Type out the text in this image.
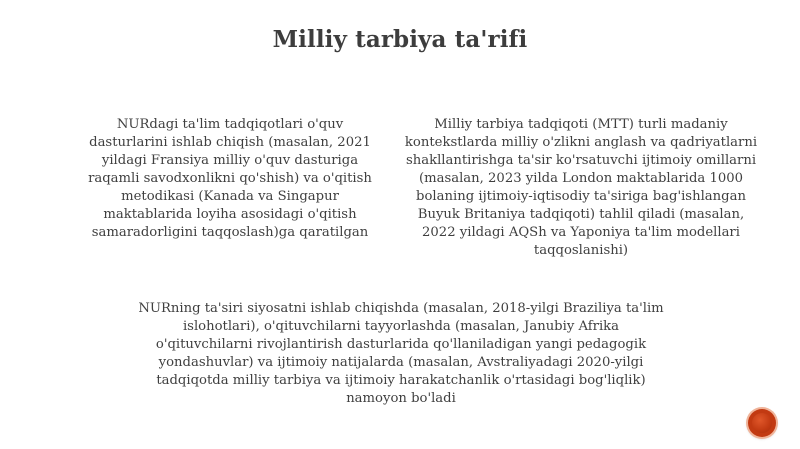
Milliy tarbiya ta'rifi
NURdagi ta'lim tadqiqotlari o'quv dasturlarini ishlab chiqish (masalan, 2021 yildagi Fransiya milliy o'quv dasturiga raqamli savodxonlikni qo'shish) va o'qitish metodikasi (Kanada va Singapur maktablarida loyiha asosidagi o'qitish samaradorligini taqqoslash)ga qaratilgan
Milliy tarbiya tadqiqoti (MTT) turli madaniy kontekstlarda milliy o'zlikni anglash va qadriyatlarni shakllantirishga ta'sir ko'rsatuvchi ijtimoiy omillarni (masalan, 2023 yilda London maktablarida 1000 bolaning ijtimoiy-iqtisodiy ta'siriga bag'ishlangan Buyuk Britaniya tadqiqoti) tahlil qiladi (masalan, 2022 yildagi AQSh va Yaponiya ta'lim modellari taqqoslanishi)
NURning ta'siri siyosatni ishlab chiqishda (masalan, 2018-yilgi Braziliya ta'lim islohotlari), o'qituvchilarni tayyorlashda (masalan, Janubiy Afrika o'qituvchilarni rivojlantirish dasturlarida qo'llaniladigan yangi pedagogik yondashuvlar) va ijtimoiy natijalarda (masalan, Avstraliyadagi 2020-yilgi tadqiqotda milliy tarbiya va ijtimoiy harakatchanlik o'rtasidagi bog'liqlik) namoyon bo'ladi
